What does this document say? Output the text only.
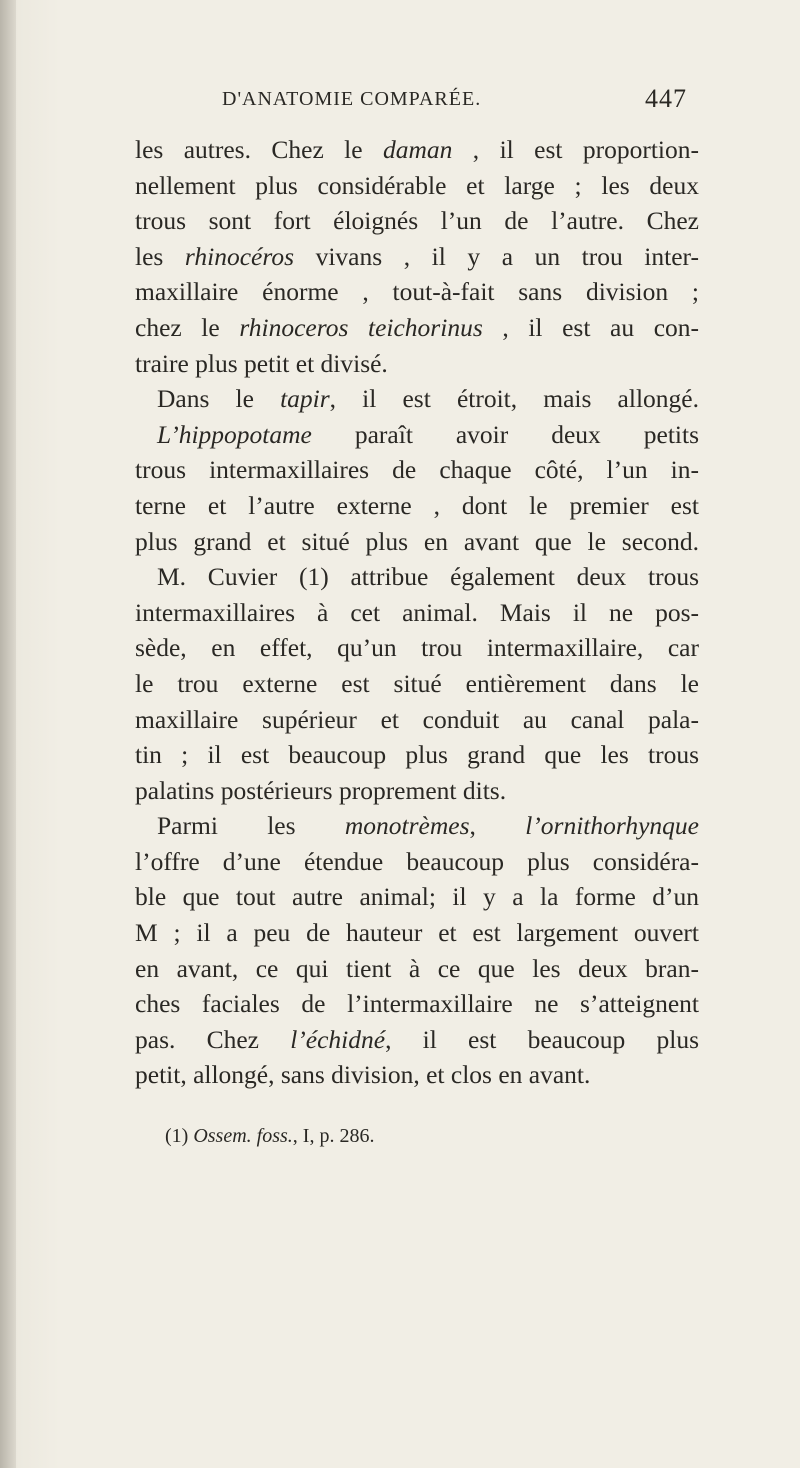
D'ANATOMIE COMPARÉE.	447
les autres. Chez le daman , il est proportion-
nellement plus considérable et large ; les deux
trous sont fort éloignés l’un de l’autre. Chez
les rhinocéros vivans , il y a un trou inter-
maxillaire énorme , tout-à-fait sans division ;
chez le rhinoceros teichorinus , il est au con-
traire plus petit et divisé.
Dans le tapir, il est étroit, mais allongé.
L’hippopotame paraît avoir deux petits
trous intermaxillaires de chaque côté, l’un in-
terne et l’autre externe , dont le premier est
plus grand et situé plus en avant que le second.
M. Cuvier (1) attribue également deux trous
intermaxillaires à cet animal. Mais il ne pos-
sède, en effet, qu’un trou intermaxillaire, car
le trou externe est situé entièrement dans le
maxillaire supérieur et conduit au canal pala-
tin ; il est beaucoup plus grand que les trous
palatins postérieurs proprement dits.
Parmi les monotrèmes, l’ornithorhynque
l’offre d’une étendue beaucoup plus considéra-
ble que tout autre animal; il y a la forme d’un
M ; il a peu de hauteur et est largement ouvert
en avant, ce qui tient à ce que les deux bran-
ches faciales de l’intermaxillaire ne s’atteignent
pas. Chez l’échidné, il est beaucoup plus
petit, allongé, sans division, et clos en avant.
(1) Ossem. foss., I, p. 286.
